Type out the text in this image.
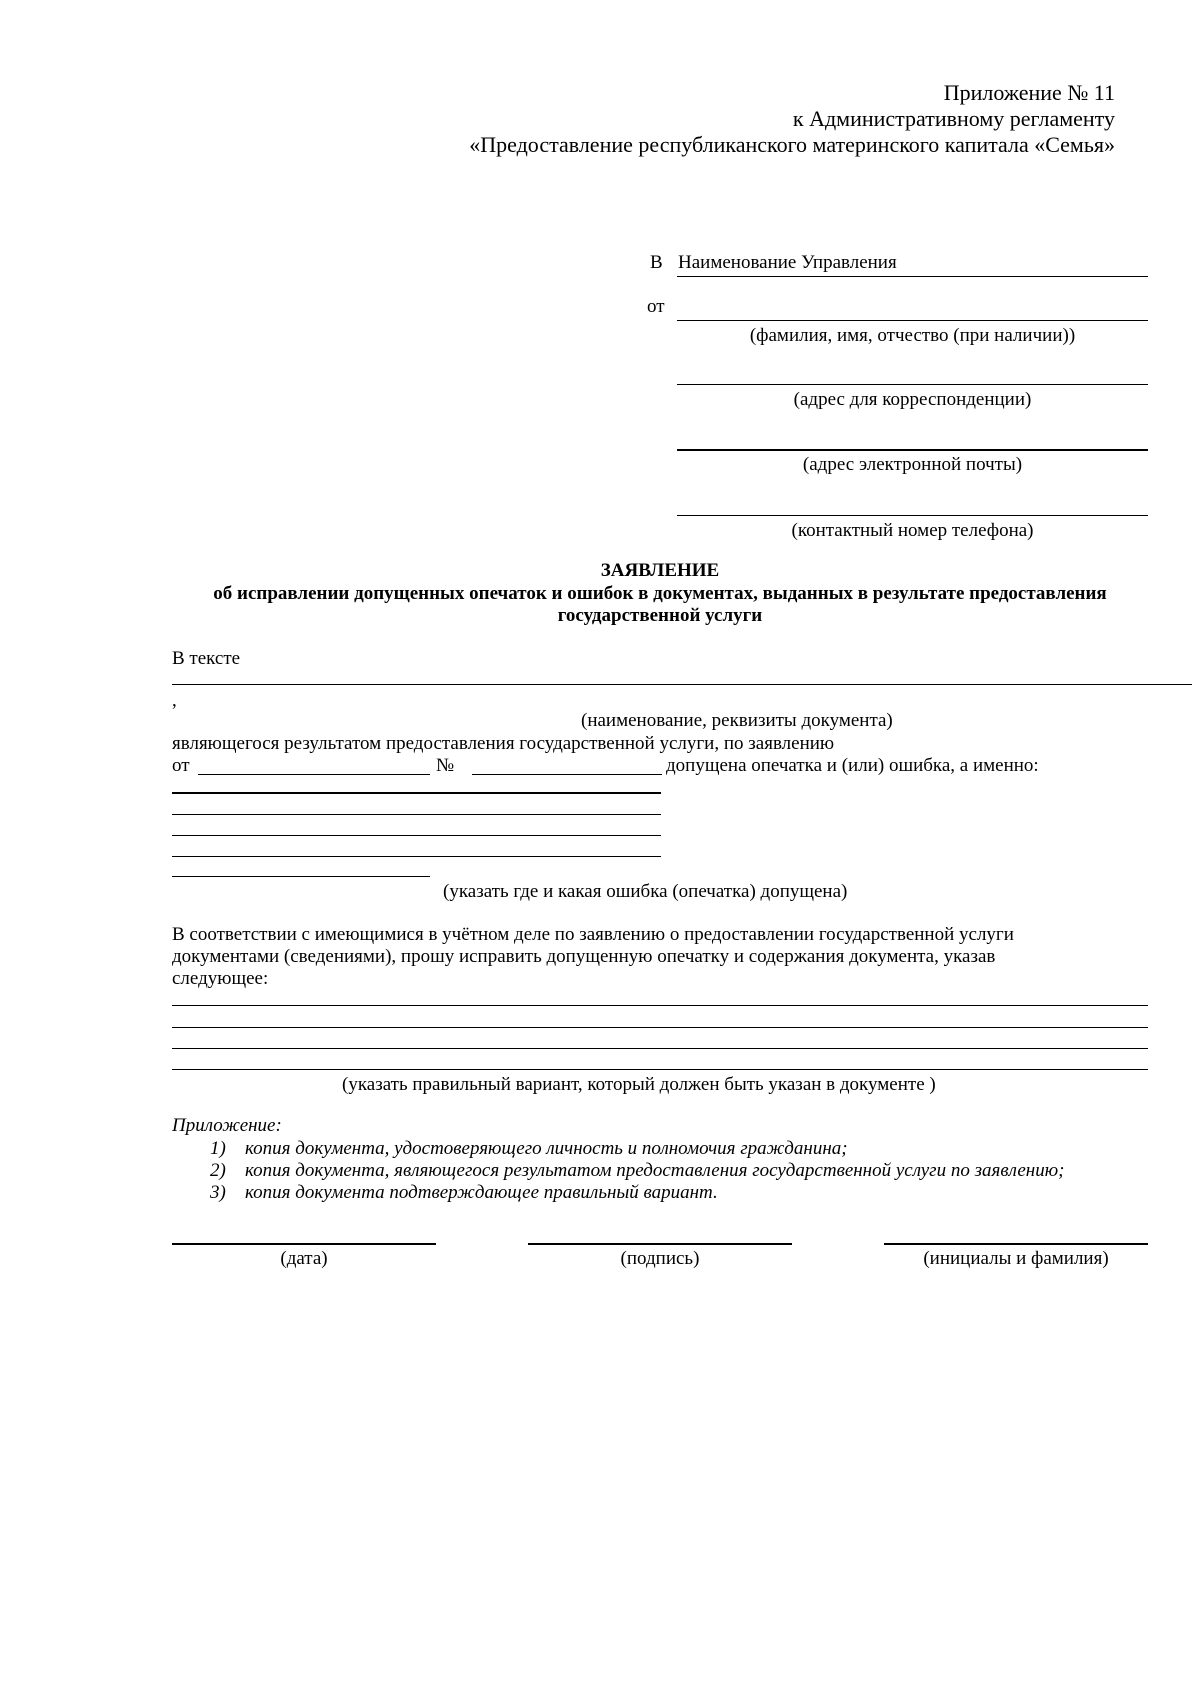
Приложение № 11
к Административному регламенту
«Предоставление республиканского материнского капитала «Семья»
В Наименование Управления
от
(фамилия, имя, отчество (при наличии))
(адрес для корреспонденции)
(адрес электронной почты)
(контактный номер телефона)
ЗАЯВЛЕНИЕ
об исправлении допущенных опечаток и ошибок в документах, выданных в результате предоставления
государственной услуги
В тексте
,
(наименование, реквизиты документа)
являющегося результатом предоставления государственной услуги, по заявлению
от	№	допущена опечатка и (или) ошибка, а именно:
(указать где и какая ошибка (опечатка) допущена)
В соответствии с имеющимися в учётном деле по заявлению о предоставлении государственной услуги
документами (сведениями), прошу исправить допущенную опечатку и содержания документа, указав
следующее:
(указать правильный вариант, который должен быть указан в документе )
Приложение:
1) копия документа, удостоверяющего личность и полномочия гражданина;
2) копия документа, являющегося результатом предоставления государственной услуги по заявлению;
3) копия документа подтверждающее правильный вариант.
(дата)	(подпись)	(инициалы и фамилия)
